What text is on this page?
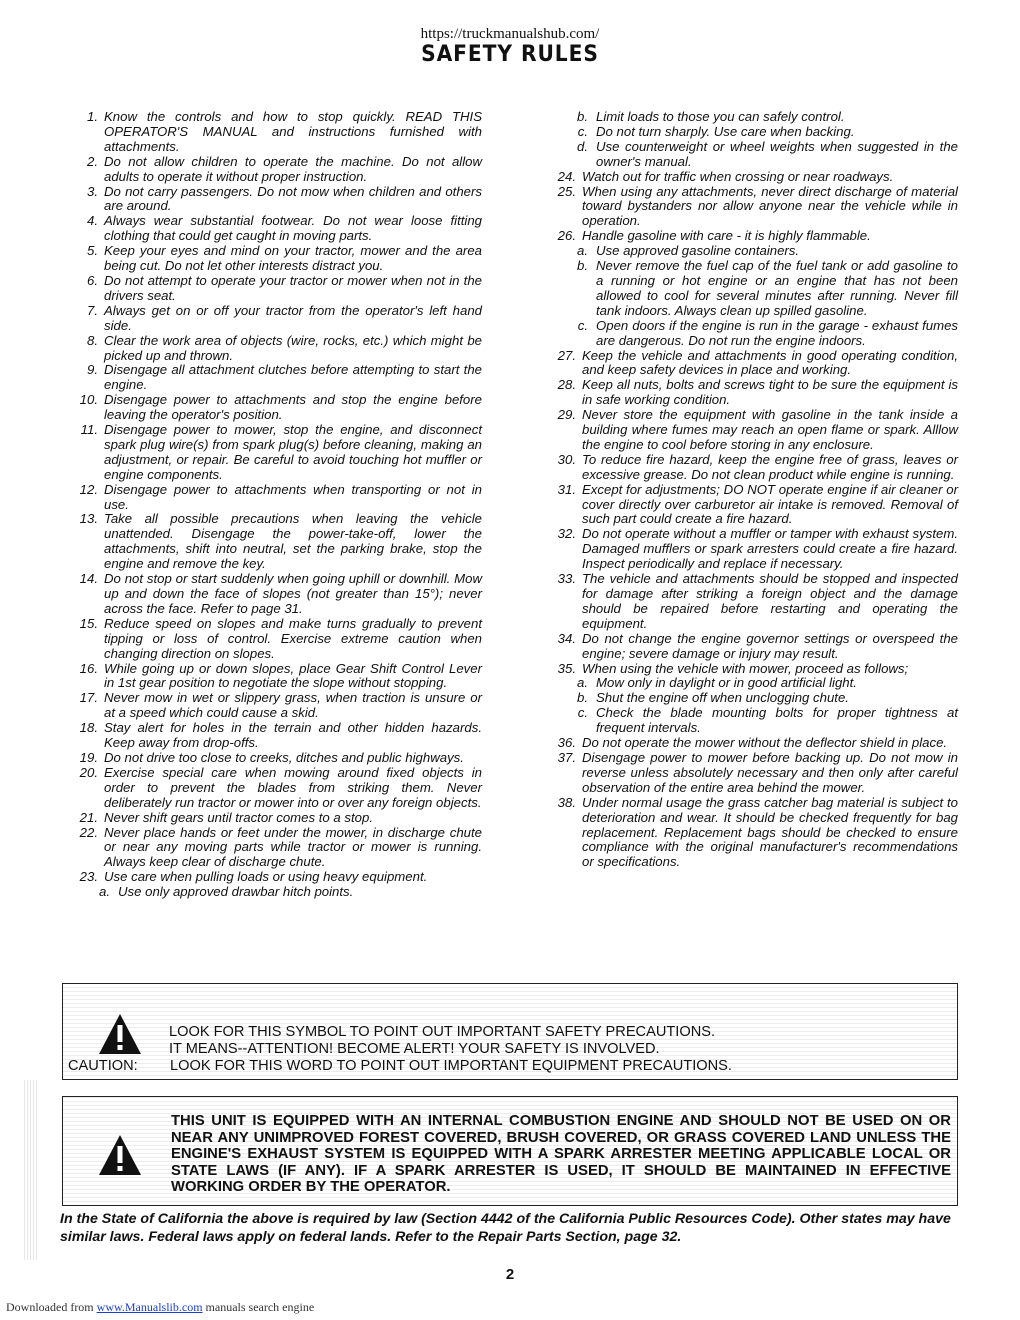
https://truckmanualshub.com/
SAFETY RULES
1. Know the controls and how to stop quickly. READ THIS OPERATOR'S MANUAL and instructions furnished with attachments.
2. Do not allow children to operate the machine. Do not allow adults to operate it without proper instruction.
3. Do not carry passengers. Do not mow when children and others are around.
4. Always wear substantial footwear. Do not wear loose fitting clothing that could get caught in moving parts.
5. Keep your eyes and mind on your tractor, mower and the area being cut. Do not let other interests distract you.
6. Do not attempt to operate your tractor or mower when not in the drivers seat.
7. Always get on or off your tractor from the operator's left hand side.
8. Clear the work area of objects (wire, rocks, etc.) which might be picked up and thrown.
9. Disengage all attachment clutches before attempting to start the engine.
10. Disengage power to attachments and stop the engine before leaving the operator's position.
11. Disengage power to mower, stop the engine, and disconnect spark plug wire(s) from spark plug(s) before cleaning, making an adjustment, or repair. Be careful to avoid touching hot muffler or engine components.
12. Disengage power to attachments when transporting or not in use.
13. Take all possible precautions when leaving the vehicle unattended. Disengage the power-take-off, lower the attachments, shift into neutral, set the parking brake, stop the engine and remove the key.
14. Do not stop or start suddenly when going uphill or downhill. Mow up and down the face of slopes (not greater than 15°); never across the face. Refer to page 31.
15. Reduce speed on slopes and make turns gradually to prevent tipping or loss of control. Exercise extreme caution when changing direction on slopes.
16. While going up or down slopes, place Gear Shift Control Lever in 1st gear position to negotiate the slope without stopping.
17. Never mow in wet or slippery grass, when traction is unsure or at a speed which could cause a skid.
18. Stay alert for holes in the terrain and other hidden hazards. Keep away from drop-offs.
19. Do not drive too close to creeks, ditches and public highways.
20. Exercise special care when mowing around fixed objects in order to prevent the blades from striking them. Never deliberately run tractor or mower into or over any foreign objects.
21. Never shift gears until tractor comes to a stop.
22. Never place hands or feet under the mower, in discharge chute or near any moving parts while tractor or mower is running. Always keep clear of discharge chute.
23. Use care when pulling loads or using heavy equipment.
a. Use only approved drawbar hitch points.
b. Limit loads to those you can safely control.
c. Do not turn sharply. Use care when backing.
d. Use counterweight or wheel weights when suggested in the owner's manual.
24. Watch out for traffic when crossing or near roadways.
25. When using any attachments, never direct discharge of material toward bystanders nor allow anyone near the vehicle while in operation.
26. Handle gasoline with care - it is highly flammable.
a. Use approved gasoline containers.
b. Never remove the fuel cap of the fuel tank or add gasoline to a running or hot engine or an engine that has not been allowed to cool for several minutes after running. Never fill tank indoors. Always clean up spilled gasoline.
c. Open doors if the engine is run in the garage - exhaust fumes are dangerous. Do not run the engine indoors.
27. Keep the vehicle and attachments in good operating condition, and keep safety devices in place and working.
28. Keep all nuts, bolts and screws tight to be sure the equipment is in safe working condition.
29. Never store the equipment with gasoline in the tank inside a building where fumes may reach an open flame or spark. Alllow the engine to cool before storing in any enclosure.
30. To reduce fire hazard, keep the engine free of grass, leaves or excessive grease. Do not clean product while engine is running.
31. Except for adjustments; DO NOT operate engine if air cleaner or cover directly over carburetor air intake is removed. Removal of such part could create a fire hazard.
32. Do not operate without a muffler or tamper with exhaust system. Damaged mufflers or spark arresters could create a fire hazard. Inspect periodically and replace if necessary.
33. The vehicle and attachments should be stopped and inspected for damage after striking a foreign object and the damage should be repaired before restarting and operating the equipment.
34. Do not change the engine governor settings or overspeed the engine; severe damage or injury may result.
35. When using the vehicle with mower, proceed as follows;
a. Mow only in daylight or in good artificial light.
b. Shut the engine off when unclogging chute.
c. Check the blade mounting bolts for proper tightness at frequent intervals.
36. Do not operate the mower without the deflector shield in place.
37. Disengage power to mower before backing up. Do not mow in reverse unless absolutely necessary and then only after careful observation of the entire area behind the mower.
38. Under normal usage the grass catcher bag material is subject to deterioration and wear. It should be checked frequently for bag replacement. Replacement bags should be checked to ensure compliance with the original manufacturer's recommendations or specifications.
LOOK FOR THIS SYMBOL TO POINT OUT IMPORTANT SAFETY PRECAUTIONS.
IT MEANS--ATTENTION! BECOME ALERT! YOUR SAFETY IS INVOLVED.
CAUTION: LOOK FOR THIS WORD TO POINT OUT IMPORTANT EQUIPMENT PRECAUTIONS.
THIS UNIT IS EQUIPPED WITH AN INTERNAL COMBUSTION ENGINE AND SHOULD NOT BE USED ON OR NEAR ANY UNIMPROVED FOREST COVERED, BRUSH COVERED, OR GRASS COVERED LAND UNLESS THE ENGINE'S EXHAUST SYSTEM IS EQUIPPED WITH A SPARK ARRESTER MEETING APPLICABLE LOCAL OR STATE LAWS (IF ANY). IF A SPARK ARRESTER IS USED, IT SHOULD BE MAINTAINED IN EFFECTIVE WORKING ORDER BY THE OPERATOR.
In the State of California the above is required by law (Section 4442 of the California Public Resources Code). Other states may have similar laws. Federal laws apply on federal lands. Refer to the Repair Parts Section, page 32.
2
Downloaded from www.Manualslib.com manuals search engine
